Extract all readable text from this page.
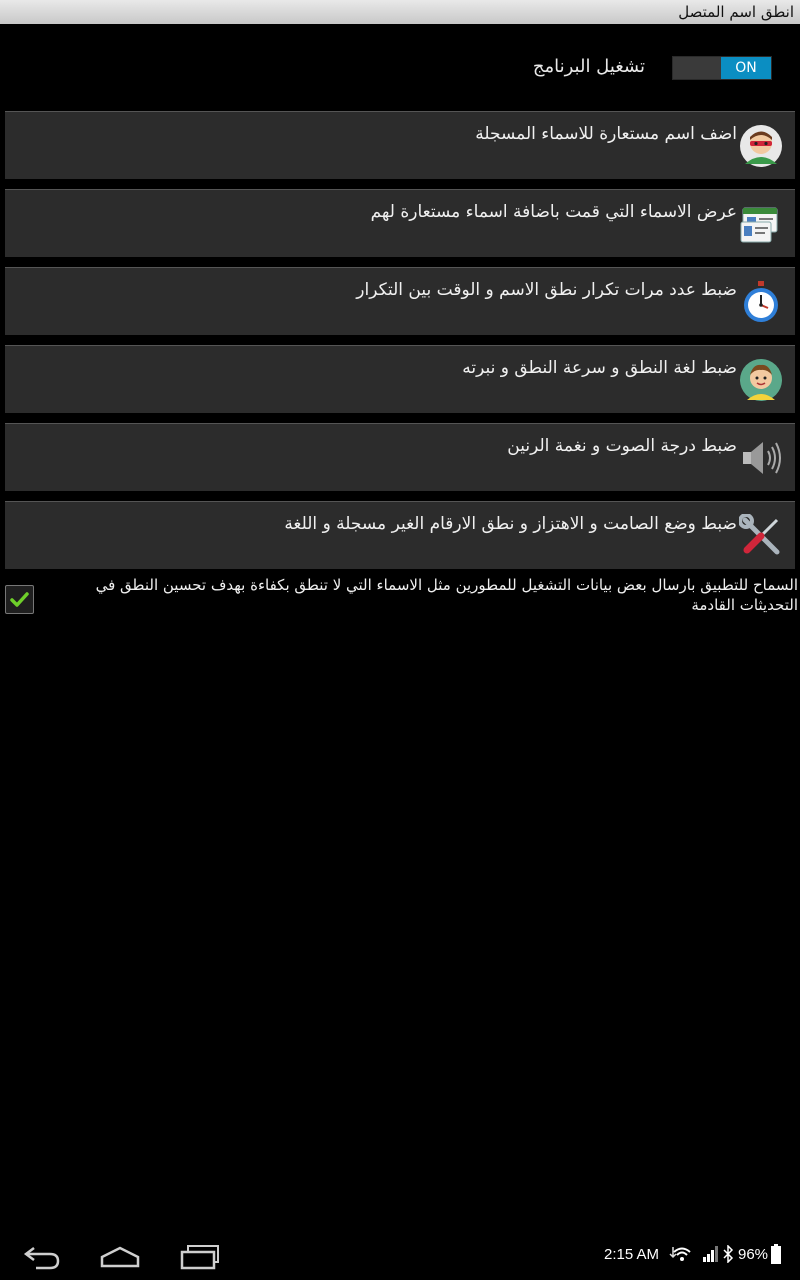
انطق اسم المتصل
تشغيل البرنامج	ON
اضف اسم مستعارة للاسماء المسجلة
عرض الاسماء التي قمت باضافة اسماء مستعارة لهم
ضبط عدد مرات تكرار نطق الاسم و الوقت بين التكرار
ضبط لغة النطق و سرعة النطق و نبرته
ضبط درجة الصوت و نغمة الرنين
ضبط وضع الصامت و الاهتزاز و نطق الارقام الغير مسجلة و اللغة
السماح للتطبيق بارسال بعض بيانات التشغيل للمطورين مثل الاسماء التي لا تنطق بكفاءة بهدف تحسين النطق في التحديثات القادمة
2:15 AM	96%
